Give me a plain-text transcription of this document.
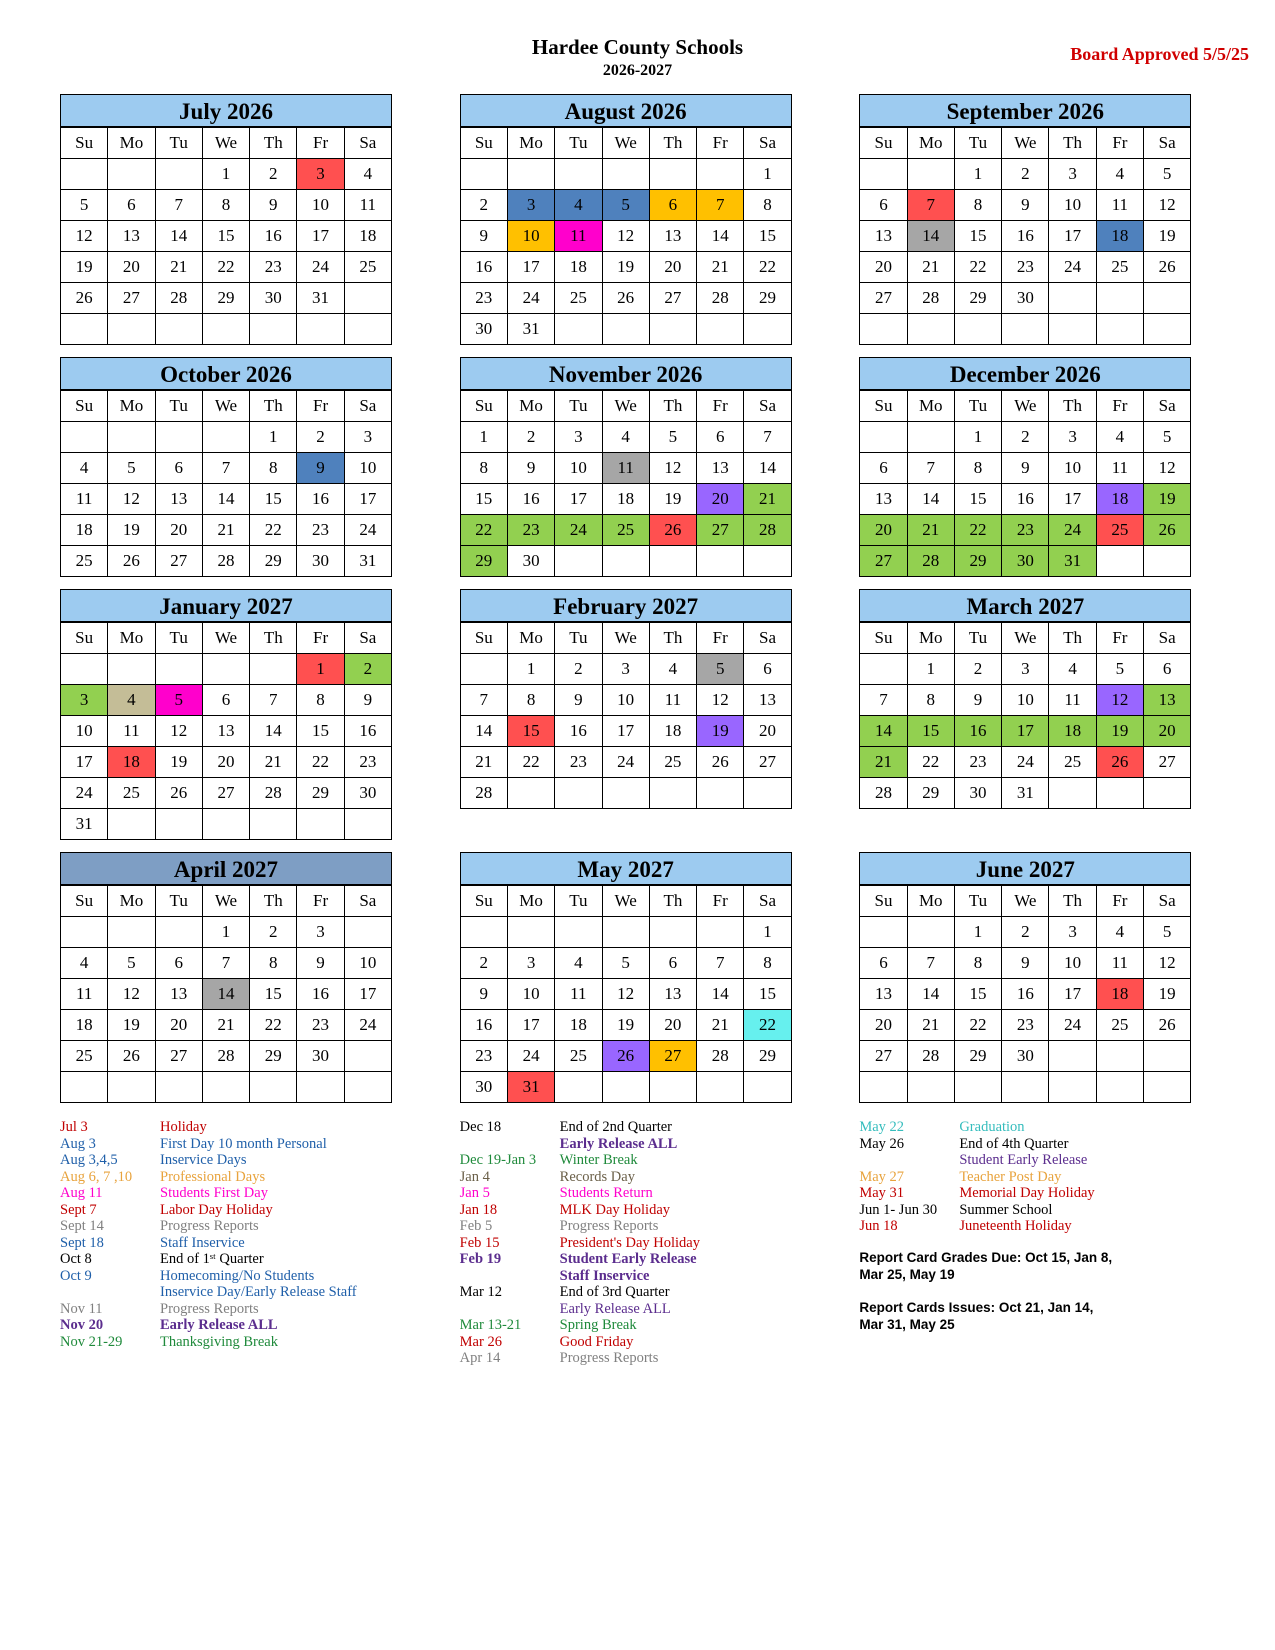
Hardee County Schools
2026-2027
Board Approved 5/5/25
July 2026
Su	Mo	Tu	We	Th	Fr	Sa
			1	2	3	4
5	6	7	8	9	10	11
12	13	14	15	16	17	18
19	20	21	22	23	24	25
26	27	28	29	30	31	

August 2026
Su	Mo	Tu	We	Th	Fr	Sa
						1
2	3	4	5	6	7	8
9	10	11	12	13	14	15
16	17	18	19	20	21	22
23	24	25	26	27	28	29
30	31					
September 2026
Su	Mo	Tu	We	Th	Fr	Sa
		1	2	3	4	5
6	7	8	9	10	11	12
13	14	15	16	17	18	19
20	21	22	23	24	25	26
27	28	29	30			

October 2026
Su	Mo	Tu	We	Th	Fr	Sa
				1	2	3
4	5	6	7	8	9	10
11	12	13	14	15	16	17
18	19	20	21	22	23	24
25	26	27	28	29	30	31
November 2026
Su	Mo	Tu	We	Th	Fr	Sa
1	2	3	4	5	6	7
8	9	10	11	12	13	14
15	16	17	18	19	20	21
22	23	24	25	26	27	28
29	30					
December 2026
Su	Mo	Tu	We	Th	Fr	Sa
		1	2	3	4	5
6	7	8	9	10	11	12
13	14	15	16	17	18	19
20	21	22	23	24	25	26
27	28	29	30	31		
January 2027
Su	Mo	Tu	We	Th	Fr	Sa
					1	2
3	4	5	6	7	8	9
10	11	12	13	14	15	16
17	18	19	20	21	22	23
24	25	26	27	28	29	30
31						
February 2027
Su	Mo	Tu	We	Th	Fr	Sa
	1	2	3	4	5	6
7	8	9	10	11	12	13
14	15	16	17	18	19	20
21	22	23	24	25	26	27
28						
March 2027
Su	Mo	Tu	We	Th	Fr	Sa
	1	2	3	4	5	6
7	8	9	10	11	12	13
14	15	16	17	18	19	20
21	22	23	24	25	26	27
28	29	30	31			
April 2027
Su	Mo	Tu	We	Th	Fr	Sa
			1	2	3	
4	5	6	7	8	9	10
11	12	13	14	15	16	17
18	19	20	21	22	23	24
25	26	27	28	29	30	

May 2027
Su	Mo	Tu	We	Th	Fr	Sa
						1
2	3	4	5	6	7	8
9	10	11	12	13	14	15
16	17	18	19	20	21	22
23	24	25	26	27	28	29
30	31					
June 2027
Su	Mo	Tu	We	Th	Fr	Sa
		1	2	3	4	5
6	7	8	9	10	11	12
13	14	15	16	17	18	19
20	21	22	23	24	25	26
27	28	29	30			

Jul 3	Holiday
Aug 3	First Day 10 month Personal
Aug 3,4,5	Inservice Days
Aug 6, 7 ,10	Professional Days
Aug 11	Students First Day
Sept 7	Labor Day Holiday
Sept 14	Progress Reports
Sept 18	Staff Inservice
Oct 8	End of 1ˢᵗ Quarter
Oct 9	Homecoming/No Students
Inservice Day/Early Release Staff
Nov 11	Progress Reports
Nov 20	Early Release ALL
Nov 21-29	Thanksgiving Break
Dec 18	End of 2nd Quarter
Early Release ALL
Dec 19-Jan 3	Winter Break
Jan 4	Records Day
Jan 5	Students Return
Jan 18	MLK Day Holiday
Feb 5	Progress Reports
Feb 15	President's Day Holiday
Feb 19	Student Early Release
Staff Inservice
Mar 12	End of 3rd Quarter
Early Release ALL
Mar 13-21	Spring Break
Mar 26	Good Friday
Apr 14	Progress Reports
May 22	Graduation
May 26	End of 4th Quarter
Student Early Release
May 27	Teacher Post Day
May 31	Memorial Day Holiday
Jun 1- Jun 30	Summer School
Jun 18	Juneteenth Holiday
Report Card Grades Due: Oct 15, Jan 8,
Mar 25, May 19
Report Cards Issues: Oct 21, Jan 14,
Mar 31, May 25
